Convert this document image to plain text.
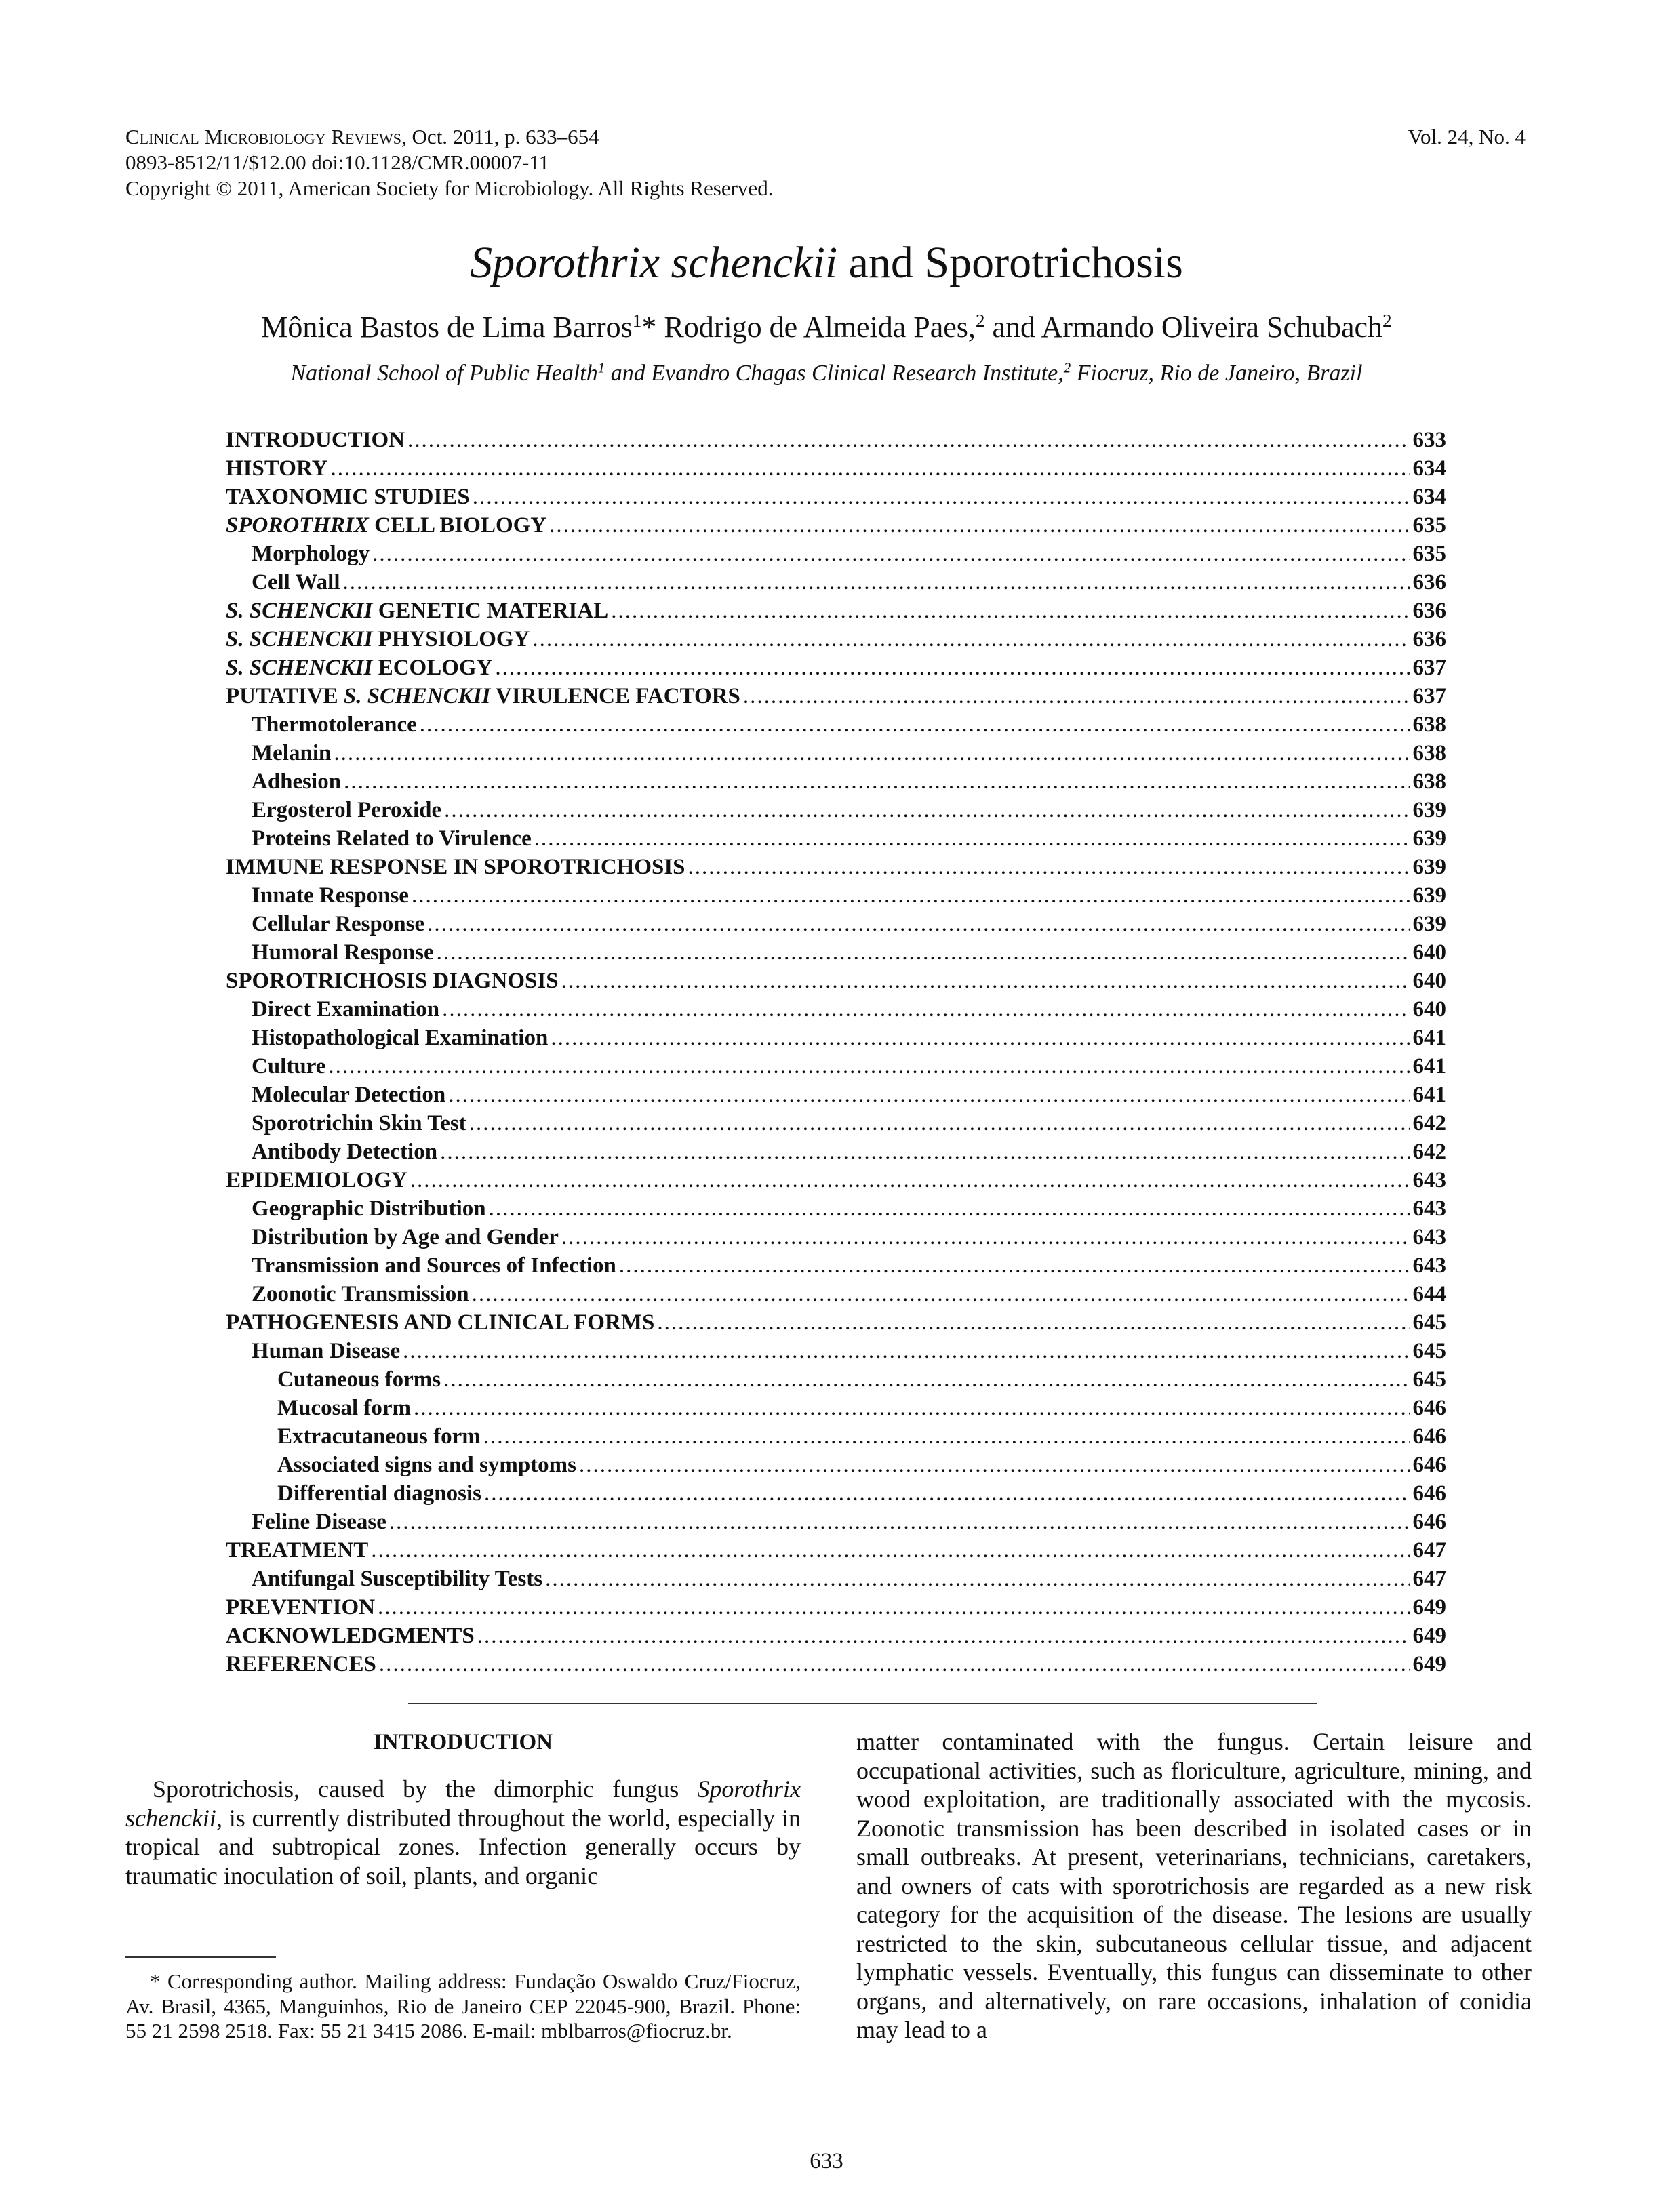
Clinical Microbiology Reviews, Oct. 2011, p. 633–654	Vol. 24, No. 4
0893-8512/11/$12.00 doi:10.1128/CMR.00007-11
Copyright © 2011, American Society for Microbiology. All Rights Reserved.
Sporothrix schenckii and Sporotrichosis
Mônica Bastos de Lima Barros$^1$* Rodrigo de Almeida Paes,$^2$ and Armando Oliveira Schubach$^2$
National School of Public Health$^1$ and Evandro Chagas Clinical Research Institute,$^2$ Fiocruz, Rio de Janeiro, Brazil
INTRODUCTION .....	633
HISTORY .....	634
TAXONOMIC STUDIES .....	634
SPOROTHRIX CELL BIOLOGY .....	635
Morphology .....	635
Cell Wall .....	636
S. SCHENCKII GENETIC MATERIAL .....	636
S. SCHENCKII PHYSIOLOGY .....	636
S. SCHENCKII ECOLOGY .....	637
PUTATIVE S. SCHENCKII VIRULENCE FACTORS .....	637
Thermotolerance .....	638
Melanin .....	638
Adhesion .....	638
Ergosterol Peroxide .....	639
Proteins Related to Virulence .....	639
IMMUNE RESPONSE IN SPOROTRICHOSIS .....	639
Innate Response .....	639
Cellular Response .....	639
Humoral Response .....	640
SPOROTRICHOSIS DIAGNOSIS .....	640
Direct Examination .....	640
Histopathological Examination .....	641
Culture .....	641
Molecular Detection .....	641
Sporotrichin Skin Test .....	642
Antibody Detection .....	642
EPIDEMIOLOGY .....	643
Geographic Distribution .....	643
Distribution by Age and Gender .....	643
Transmission and Sources of Infection .....	643
Zoonotic Transmission .....	644
PATHOGENESIS AND CLINICAL FORMS .....	645
Human Disease .....	645
Cutaneous forms .....	645
Mucosal form .....	646
Extracutaneous form .....	646
Associated signs and symptoms .....	646
Differential diagnosis .....	646
Feline Disease .....	646
TREATMENT .....	647
Antifungal Susceptibility Tests .....	647
PREVENTION .....	649
ACKNOWLEDGMENTS .....	649
REFERENCES .....	649
INTRODUCTION

Sporotrichosis, caused by the dimorphic fungus Sporothrix schenckii, is currently distributed throughout the world, especially in tropical and subtropical zones. Infection generally occurs by traumatic inoculation of soil, plants, and organic

matter contaminated with the fungus. Certain leisure and occupational activities, such as floriculture, agriculture, mining, and wood exploitation, are traditionally associated with the mycosis. Zoonotic transmission has been described in isolated cases or in small outbreaks. At present, veterinarians, technicians, caretakers, and owners of cats with sporotrichosis are regarded as a new risk category for the acquisition of the disease. The lesions are usually restricted to the skin, subcutaneous cellular tissue, and adjacent lymphatic vessels. Eventually, this fungus can disseminate to other organs, and alternatively, on rare occasions, inhalation of conidia may lead to a

* Corresponding author. Mailing address: Fundação Oswaldo Cruz/Fiocruz, Av. Brasil, 4365, Manguinhos, Rio de Janeiro CEP 22045-900, Brazil. Phone: 55 21 2598 2518. Fax: 55 21 3415 2086. E-mail: mblbarros@fiocruz.br.

633
